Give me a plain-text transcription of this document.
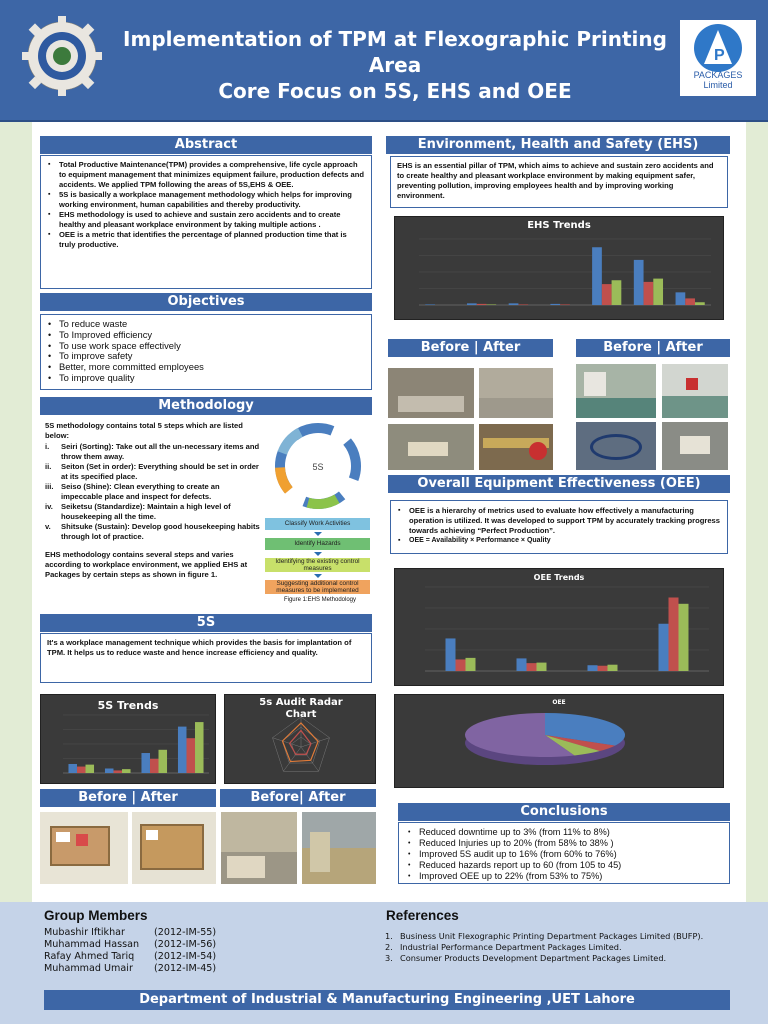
Implementation of TPM at Flexographic Printing Area
Core Focus on 5S, EHS and OEE
P
PACKAGES Limited
Abstract
▪ Total Productive Maintenance(TPM) provides a comprehensive, life cycle approach to equipment management that minimizes equipment failure, production defects and accidents. We applied TPM following the areas of 5S,EHS & OEE.
▪ 5S is basically a workplace management methodology which helps for improving working environment, human capabilities and thereby productivity.
▪ EHS methodology is used to achieve and sustain zero accidents and to create healthy and pleasant workplace environment by taking multiple actions .
▪ OEE is a metric that identifies the percentage of planned production time that is truly productive.
Objectives
• To reduce waste
• To Improved efficiency
• To use work space effectively
• To improve safety
• Better, more committed employees
• To improve quality
Methodology
5S methodology contains total 5 steps which are listed below:
i. Seiri (Sorting): Take out all the un-necessary items and throw them away.
ii. Seiton (Set in order): Everything should be set in order at its specified place.
iii. Seiso (Shine): Clean everything to create an impeccable place and inspect for defects.
iv. Seiketsu (Standardize): Maintain a high level of housekeeping all the time.
v. Shitsuke (Sustain): Develop good housekeeping habits through lot of practice.
EHS methodology contains several steps and varies according to workplace environment, we applied EHS at Packages by certain steps as shown in figure 1.
5S
Classify Work Activities
Identify Hazards
Identifying the existing control measures
Suggesting additional control measures to be implemented
Figure 1:EHS Methodology
5S
It's a workplace management technique which provides the basis for implantation of TPM. It helps us to reduce waste and hence increase efficiency and quality.
5S Trends	5s Audit Radar Chart
Before | After	Before| After
Environment, Health and Safety (EHS)
EHS is an essential pillar of TPM, which aims to achieve and sustain zero accidents and to create healthy and pleasant workplace environment by making equipment safer, preventing pollution, improving employees health and by improving working environment.
EHS Trends
Before | After	Before | After
Overall Equipment Effectiveness (OEE)
▪ OEE is a hierarchy of metrics used to evaluate how effectively a manufacturing operation is utilized. It was developed to support TPM by accurately tracking progress towards achieving “Perfect Production”.
▪ OEE = Availability × Performance × Quality
OEE Trends
OEE
Conclusions
• Reduced downtime up to 3% (from 11% to 8%)
• Reduced Injuries up to 20% (from 58% to 38% )
• Improved 5S audit up to 16% (from 60% to 76%)
• Reduced hazards report up to 60 (from 105 to 45)
• Improved OEE up to 22% (from 53% to 75%)
Group Members
Mubashir Iftikhar	(2012-IM-55)
Muhammad Hassan (2012-IM-56)
Rafay Ahmed Tariq (2012-IM-54)
Muhammad Umair (2012-IM-45)
References
1. Business Unit Flexographic Printing Department Packages Limited (BUFP).
2. Industrial Performance Department Packages Limited.
3. Consumer Products Development Department Packages Limited.
Department of Industrial & Manufacturing Engineering ,UET Lahore
